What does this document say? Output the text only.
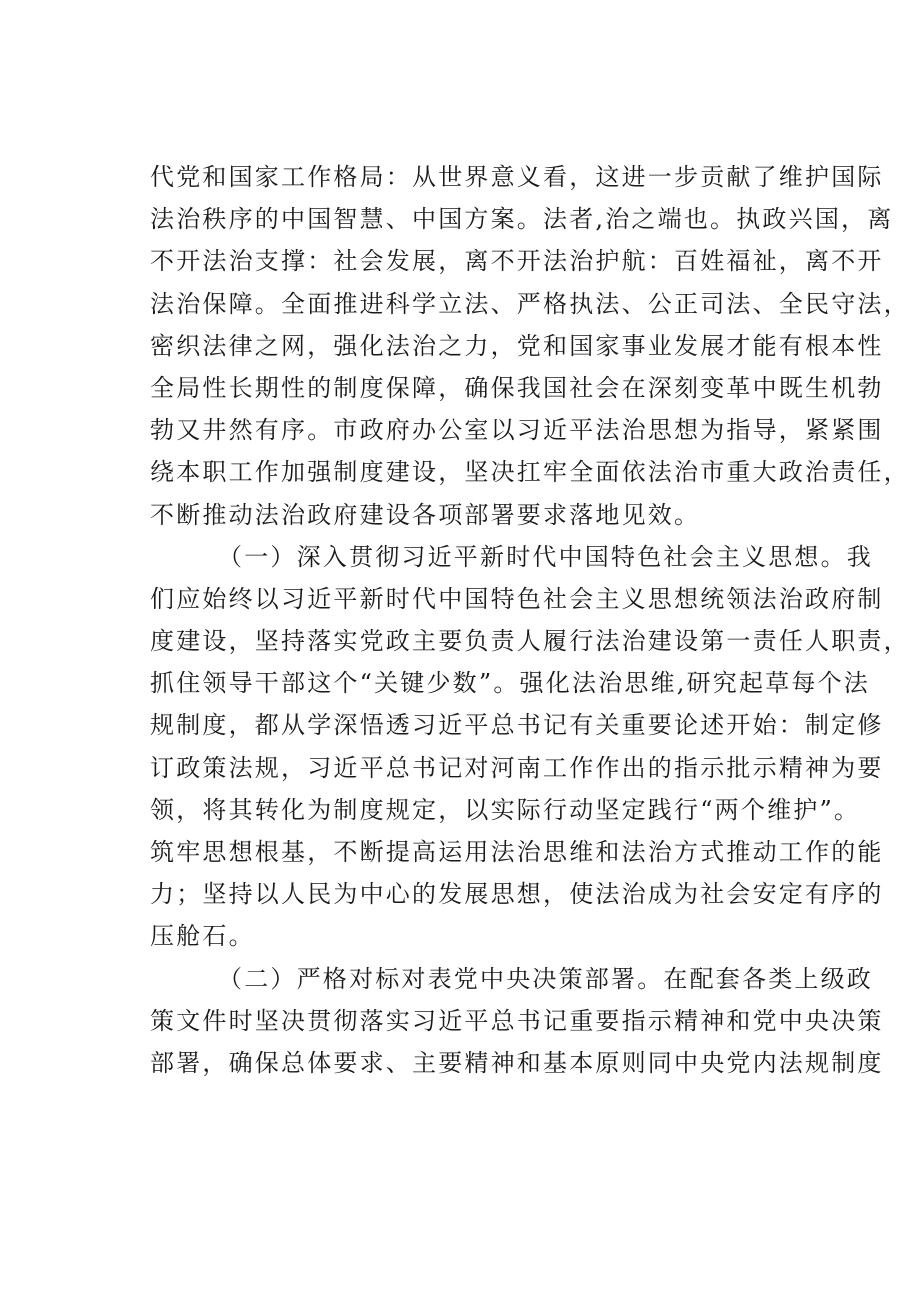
代党和国家工作格局：从世界意义看，这进一步贡献了维护国际
法治秩序的中国智慧、中国方案。法者,治之端也。执政兴国，离
不开法治支撑：社会发展，离不开法治护航：百姓福祉，离不开
法治保障。全面推进科学立法、严格执法、公正司法、全民守法，
密织法律之网，强化法治之力，党和国家事业发展才能有根本性
全局性长期性的制度保障，确保我国社会在深刻变革中既生机勃
勃又井然有序。市政府办公室以习近平法治思想为指导，紧紧围
绕本职工作加强制度建设，坚决扛牢全面依法治市重大政治责任，
不断推动法治政府建设各项部署要求落地见效。
（一）深入贯彻习近平新时代中国特色社会主义思想。我
们应始终以习近平新时代中国特色社会主义思想统领法治政府制
度建设，坚持落实党政主要负责人履行法治建设第一责任人职责，
抓住领导干部这个“关键少数”。强化法治思维,研究起草每个法
规制度，都从学深悟透习近平总书记有关重要论述开始：制定修
订政策法规，习近平总书记对河南工作作出的指示批示精神为要
领，将其转化为制度规定，以实际行动坚定践行“两个维护”。
筑牢思想根基，不断提高运用法治思维和法治方式推动工作的能
力；坚持以人民为中心的发展思想，使法治成为社会安定有序的
压舱石。
（二）严格对标对表党中央决策部署。在配套各类上级政
策文件时坚决贯彻落实习近平总书记重要指示精神和党中央决策
部署，确保总体要求、主要精神和基本原则同中央党内法规制度
